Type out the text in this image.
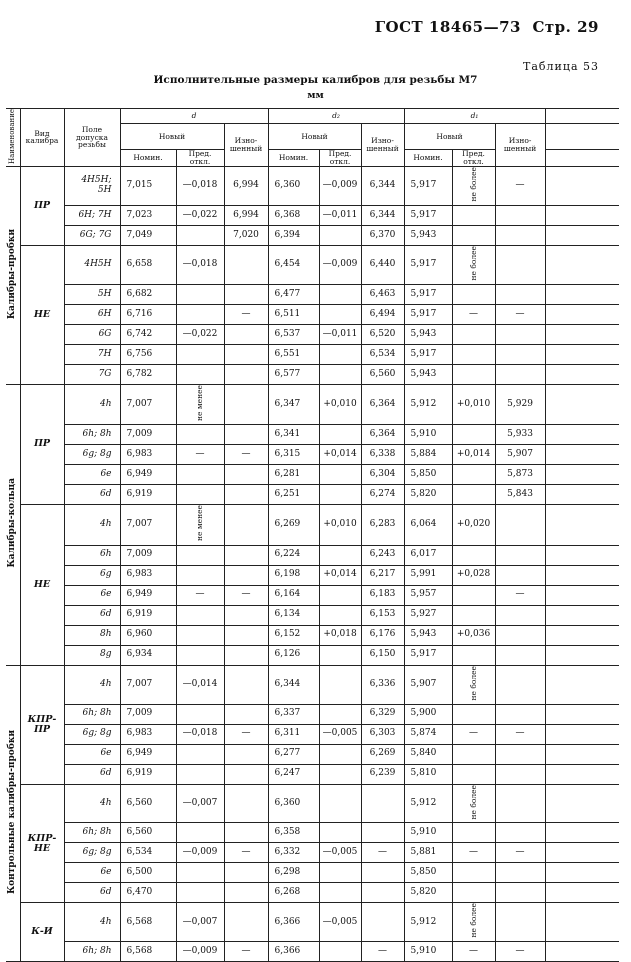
ГОСТ 18465—73 Стр. 29
Таблица 53
Исполнительные размеры калибров для резьбы M7
мм
Наименование	Вид калибра	Поле допуска резьбы	d			d₂			d₁			
			Новый		Изно-шенный	Новый		Изно-шенный	Новый		Изно-шенный	
			Номин.	Пред. откл.		Номин.	Пред. откл.		Номин.	Пред. откл.		
Калибры-пробки	ПР	4H5H; 5H	7,015	—0,018	6,994	6,360	—0,009	6,344	5,917	не более	—	
		6H; 7H	7,023	—0,022	6,994	6,368	—0,011	6,344	5,917			
		6G; 7G	7,049		7,020	6,394		6,370	5,943			
	НЕ	4H5H	6,658	—0,018		6,454	—0,009	6,440	5,917	не более		
		5H	6,682			6,477		6,463	5,917			
		6H	6,716		—	6,511		6,494	5,917	—	—	
		6G	6,742	—0,022		6,537	—0,011	6,520	5,943			
		7H	6,756			6,551		6,534	5,917			
		7G	6,782			6,577		6,560	5,943			
Калибры-кольца	ПР	4h	7,007	не менее		6,347	+0,010	6,364	5,912	+0,010	5,929	
		6h; 8h	7,009			6,341		6,364	5,910		5,933	
		6g; 8g	6,983	—	—	6,315	+0,014	6,338	5,884	+0,014	5,907	
		6e	6,949			6,281		6,304	5,850		5,873	
		6d	6,919			6,251		6,274	5,820		5,843	
	НЕ	4h	7,007	не менее		6,269	+0,010	6,283	6,064	+0,020		
		6h	7,009			6,224		6,243	6,017			
		6g	6,983			6,198	+0,014	6,217	5,991	+0,028		
		6e	6,949	—	—	6,164		6,183	5,957		—	
		6d	6,919			6,134		6,153	5,927			
		8h	6,960			6,152	+0,018	6,176	5,943	+0,036		
		8g	6,934			6,126		6,150	5,917			
Контрольные калибры-пробки	КПР-ПР	4h	7,007	—0,014		6,344		6,336	5,907	не более		
		6h; 8h	7,009			6,337		6,329	5,900			
		6g; 8g	6,983	—0,018	—	6,311	—0,005	6,303	5,874	—	—	
		6e	6,949			6,277		6,269	5,840			
		6d	6,919			6,247		6,239	5,810			
	КПР-НЕ	4h	6,560	—0,007		6,360			5,912	не более		
		6h; 8h	6,560			6,358			5,910			
		6g; 8g	6,534	—0,009	—	6,332	—0,005	—	5,881	—	—	
		6e	6,500			6,298			5,850			
		6d	6,470			6,268			5,820			
	К-И	4h	6,568	—0,007		6,366	—0,005		5,912	не более		
		6h; 8h	6,568	—0,009	—	6,366		—	5,910	—	—	
